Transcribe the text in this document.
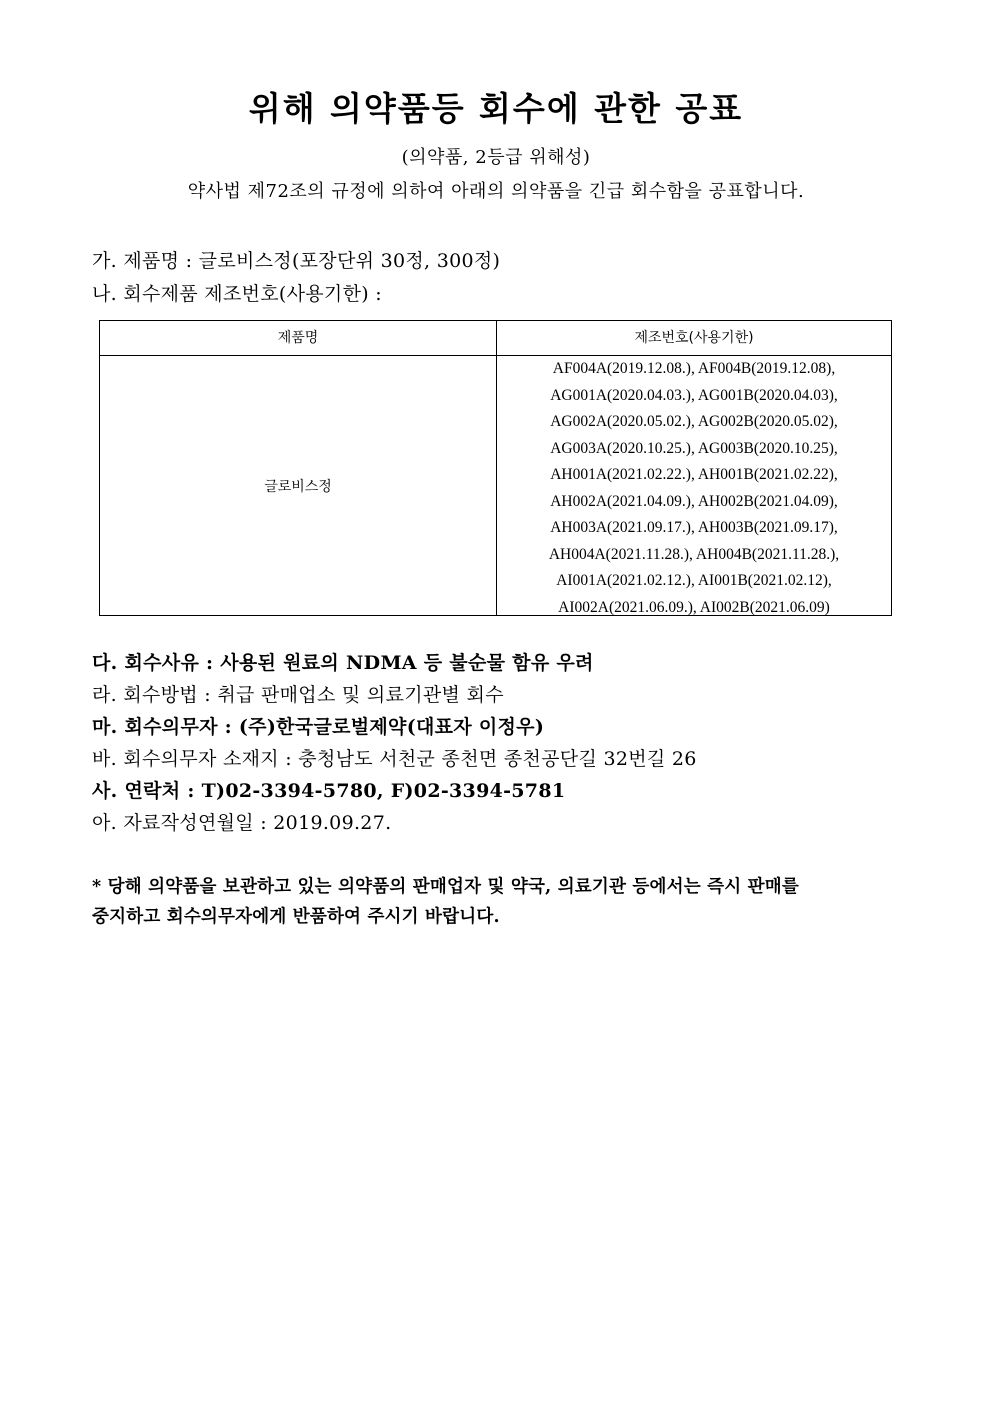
위해 의약품등 회수에 관한 공표
(의약품, 2등급 위해성)
약사법 제72조의 규정에 의하여 아래의 의약품을 긴급 회수함을 공표합니다.
가. 제품명 : 글로비스정(포장단위 30정, 300정)
나. 회수제품 제조번호(사용기한) :
제품명	제조번호(사용기한)
글로비스정
AF004A(2019.12.08.), AF004B(2019.12.08),
AG001A(2020.04.03.), AG001B(2020.04.03),
AG002A(2020.05.02.), AG002B(2020.05.02),
AG003A(2020.10.25.), AG003B(2020.10.25),
AH001A(2021.02.22.), AH001B(2021.02.22),
AH002A(2021.04.09.), AH002B(2021.04.09),
AH003A(2021.09.17.), AH003B(2021.09.17),
AH004A(2021.11.28.), AH004B(2021.11.28.),
AI001A(2021.02.12.), AI001B(2021.02.12),
AI002A(2021.06.09.), AI002B(2021.06.09)
다. 회수사유 : 사용된 원료의 NDMA 등 불순물 함유 우려
라. 회수방법 : 취급 판매업소 및 의료기관별 회수
마. 회수의무자 : (주)한국글로벌제약(대표자 이정우)
바. 회수의무자 소재지 : 충청남도 서천군 종천면 종천공단길 32번길 26
사. 연락처 : T)02-3394-5780, F)02-3394-5781
아. 자료작성연월일 : 2019.09.27.
* 당해 의약품을 보관하고 있는 의약품의 판매업자 및 약국, 의료기관 등에서는 즉시 판매를
중지하고 회수의무자에게 반품하여 주시기 바랍니다.
